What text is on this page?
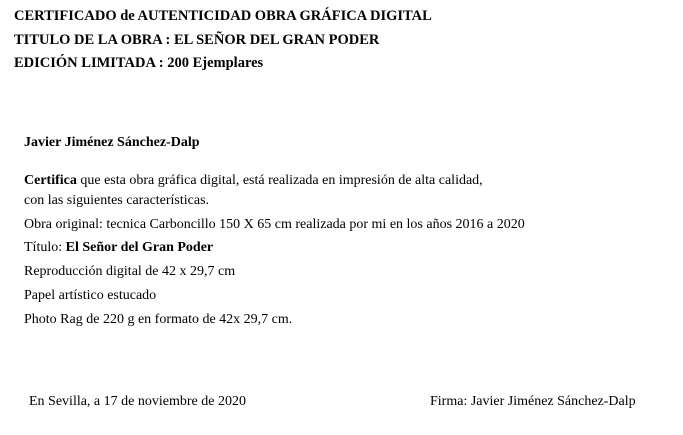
CERTIFICADO de AUTENTICIDAD OBRA GRÁFICA DIGITAL
TITULO DE LA OBRA : EL SEÑOR DEL GRAN PODER
EDICIÓN LIMITADA : 200 Ejemplares
Javier Jiménez Sánchez-Dalp
Certifica que esta obra gráfica digital, está realizada en impresión de alta calidad,
con las siguientes características.
Obra original: tecnica Carboncillo 150 X 65 cm realizada por mi en los años 2016 a 2020
Título: El Señor del Gran Poder
Reproducción digital de 42 x 29,7 cm
Papel artístico estucado
Photo Rag de 220 g en formato de 42x 29,7 cm.
En Sevilla, a 17 de noviembre de 2020	Firma: Javier Jiménez Sánchez-Dalp
